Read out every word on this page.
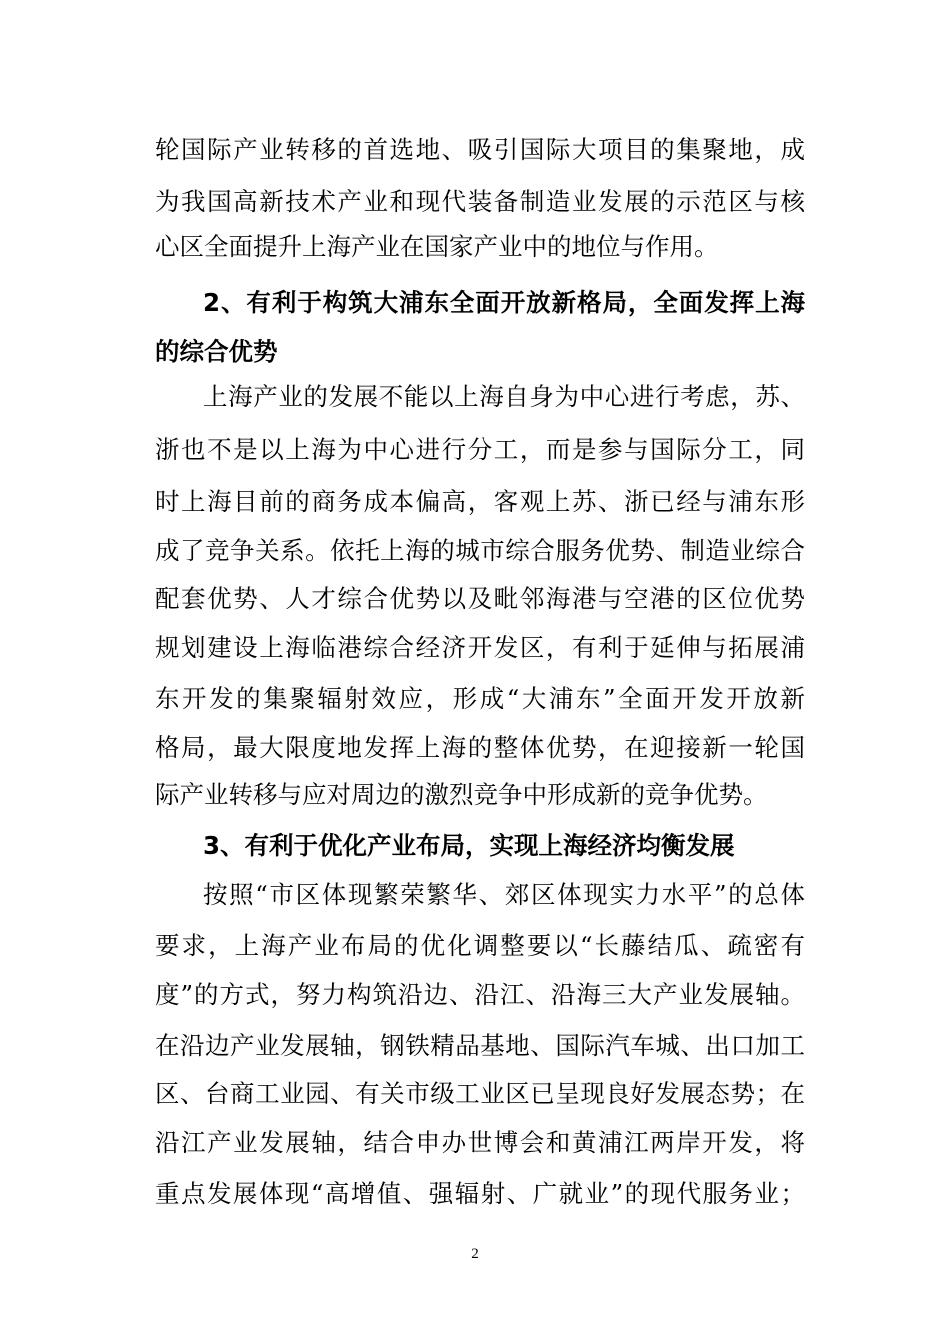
轮国际产业转移的首选地、吸引国际大项目的集聚地，成
为我国高新技术产业和现代装备制造业发展的示范区与核
心区全面提升上海产业在国家产业中的地位与作用。
2、有利于构筑大浦东全面开放新格局，全面发挥上海
的综合优势
上海产业的发展不能以上海自身为中心进行考虑，苏、
浙也不是以上海为中心进行分工，而是参与国际分工，同
时上海目前的商务成本偏高，客观上苏、浙已经与浦东形
成了竞争关系。依托上海的城市综合服务优势、制造业综合
配套优势、人才综合优势以及毗邻海港与空港的区位优势
规划建设上海临港综合经济开发区，有利于延伸与拓展浦
东开发的集聚辐射效应，形成“大浦东”全面开发开放新
格局，最大限度地发挥上海的整体优势，在迎接新一轮国
际产业转移与应对周边的激烈竞争中形成新的竞争优势。
3、有利于优化产业布局，实现上海经济均衡发展
按照“市区体现繁荣繁华、郊区体现实力水平”的总体
要求，上海产业布局的优化调整要以“长藤结瓜、疏密有
度”的方式，努力构筑沿边、沿江、沿海三大产业发展轴。
在沿边产业发展轴，钢铁精品基地、国际汽车城、出口加工
区、台商工业园、有关市级工业区已呈现良好发展态势；在
沿江产业发展轴，结合申办世博会和黄浦江两岸开发，将
重点发展体现“高增值、强辐射、广就业”的现代服务业；
2
